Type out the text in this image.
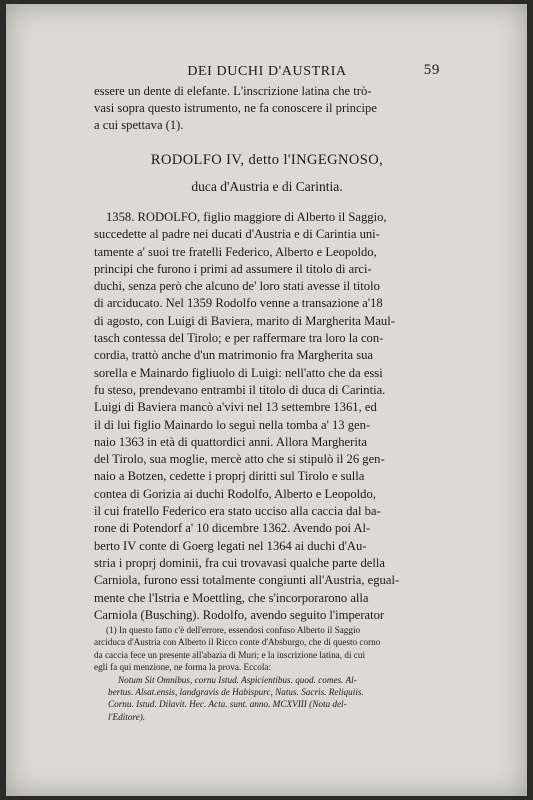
DEI DUCHI D'AUSTRIA	59
essere un dente di elefante. L'inscrizione latina che trò-
vasi sopra questo istrumento, ne fa conoscere il principe
a cui spettava (1).
RODOLFO IV, detto l'INGEGNOSO,
duca d'Austria e di Carintia.
1358. RODOLFO, figlio maggiore di Alberto il Saggio,
succedette al padre nei ducati d'Austria e di Carintia uni-
tamente a' suoi tre fratelli Federico, Alberto e Leopoldo,
principi che furono i primi ad assumere il titolo di arci-
duchi, senza però che alcuno de' loro stati avesse il titolo
di arciducato. Nel 1359 Rodolfo venne a transazione a'18
di agosto, con Luigi di Baviera, marito di Margherita Maul-
tasch contessa del Tirolo; e per raffermare tra loro la con-
cordia, trattò anche d'un matrimonio fra Margherita sua
sorella e Mainardo figliuolo di Luigi: nell'atto che da essi
fu steso, prendevano entrambi il titolo di duca di Carintia.
Luigi di Baviera mancò a'vivi nel 13 settembre 1361, ed
il di lui figlio Mainardo lo seguì nella tomba a' 13 gen-
naio 1363 in età di quattordici anni. Allora Margherita
del Tirolo, sua moglie, mercè atto che si stipulò il 26 gen-
naio a Botzen, cedette i proprj diritti sul Tirolo e sulla
contea di Gorizia ai duchi Rodolfo, Alberto e Leopoldo,
il cui fratello Federico era stato ucciso alla caccia dal ba-
rone di Potendorf a' 10 dicembre 1362. Avendo poi Al-
berto IV conte di Goerg legati nel 1364 ai duchi d'Au-
stria i proprj dominii, fra cui trovavasi qualche parte della
Carniola, furono essi totalmente congiunti all'Austria, egual-
mente che l'Istria e Moettling, che s'incorporarono alla
Carniola (Busching). Rodolfo, avendo seguito l'imperator
(1) In questo fatto c'è dell'errore, essendosi confuso Alberto il Saggio
arciduca d'Austria con Alberto il Ricco conte d'Absburgo, che di questo corno
da caccia fece un presente all'abazia di Muri; e la inscrizione latina, di cui
egli fa qui menzione, ne forma la prova. Eccola:
Notum Sit Omnibus, cornu Istud. Aspicientibus. quod. comes. Al-
bertus. Alsat.ensis, landgravis de Habispurc, Natus. Sacris. Reliquiis.
Cornu. Istud. Dilavit. Hec. Acta. sunt. anno. MCXVIII (Nota del-
l'Editore).
